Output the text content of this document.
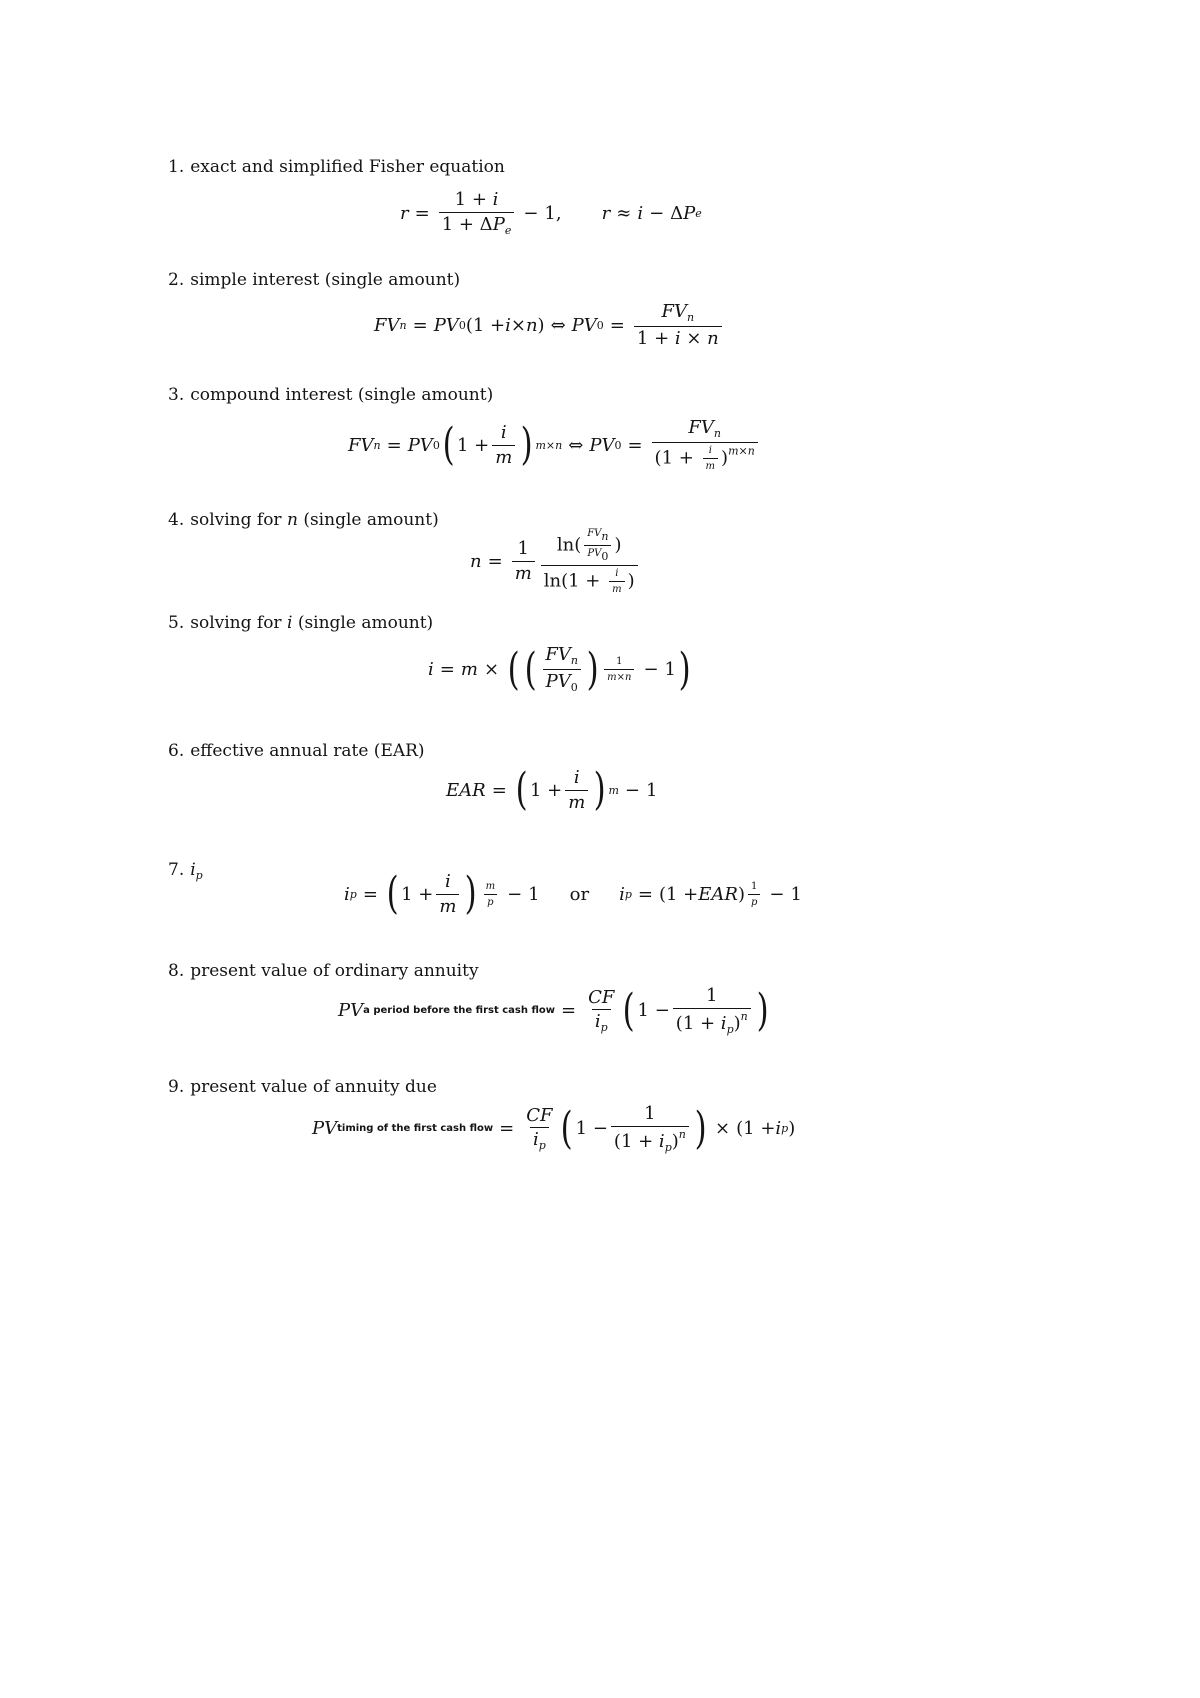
1. exact and simplified Fisher equation
$r = \frac{1 + i}{1 + \Delta P_e} - 1$, r ≈ i − Δ P e
2. simple interest (single amount)
FV n = PV 0 (1 + i × n ) ⇔ PV $0 = \frac{FV_n}{1 + i \times n}$
3. compound interest (single amount)
FV n = PV 0 ( $1 + \frac{i}{m}$ ) m×n ⇔ PV $0 = \frac{FV_n}{(1 + \frac{i}{m} )^{m\times n}}$
4. solving for n (single amount)
$n = \frac{1}{m} \frac{\ln( \frac{FV_n}{PV_0} )}{\ln(1 + \frac{i}{m} )}$
5. solving for i (single amount)
i = m × ( ( $\frac{FV_n}{PV_0}$ ) $\frac{1}{m\times n} - 1$ )
6. effective annual rate (EAR)
EAR = ( $1 + \frac{i}{m}$ ) m − 1
7. $i_p$
i p = ( $1 + \frac{i}{m}$ ) $\frac{m}{p} - 1$ or i p = (1 + EAR ) $\frac{1}{p} - 1$
8. present value of ordinary annuity
PV a period before the first cash flow = $\frac{CF}{i_p}$ ( $1 - \frac{1}{(1 + i_p)^n}$ )
9. present value of annuity due
PV timing of the first cash flow = $\frac{CF}{i_p}$ ( $1 - \frac{1}{(1 + i_p)^n}$ ) × (1 + i p )
